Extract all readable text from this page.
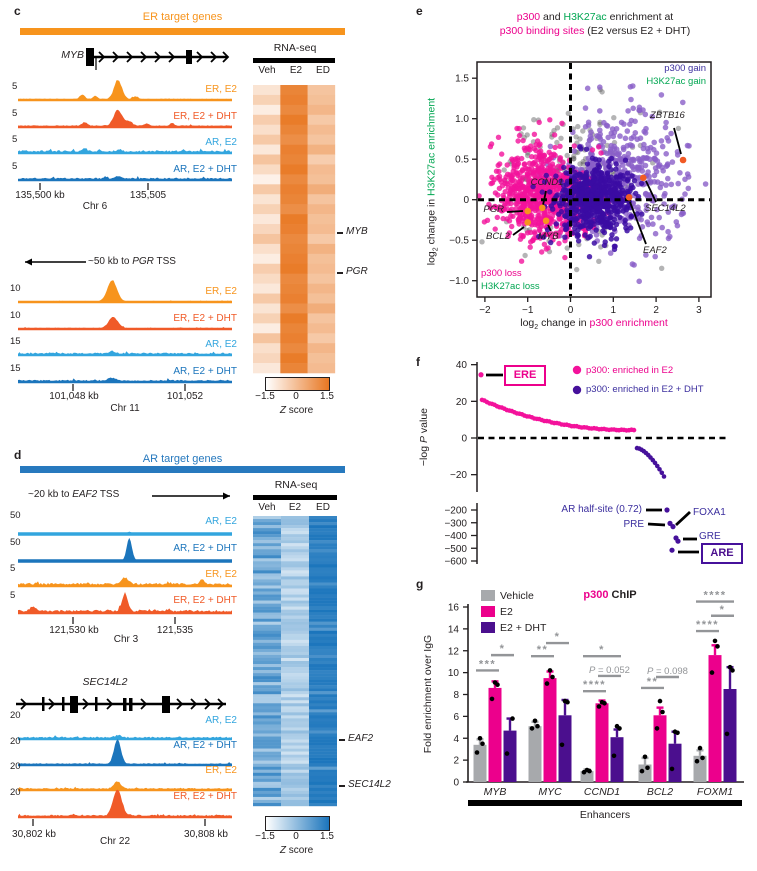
1.5
1.0
0.5
0
−0.5
−1.0
−2	−1	0	1	2	3
40
20
0
−20
−200
−300
−400
−500
−600
0
2
4
6
8
10
12
14
16
***
*	**
*
****
P = 0.052
*
**
P = 0.098
****
*
****
c	ER target genes
MYB
5
5
5
5
ER, E2
ER, E2 + DHT
AR, E2
AR, E2 + DHT
135,500 kb	135,505
Chr 6
~50 kb to PGR TSS
10
10
15
15
ER, E2
ER, E2 + DHT
AR, E2
AR, E2 + DHT
101,048 kb	101,052
Chr 11
RNA-seq
Veh	E2	ED
MYB
PGR
−1.5	0	1.5
Z score
d	AR target genes
~20 kb to EAF2 TSS
50
50
5
5
AR, E2
AR, E2 + DHT
ER, E2
ER, E2 + DHT
121,530 kb	121,535
Chr 3
SEC14L2
20
20
20
20
AR, E2
AR, E2 + DHT
ER, E2
ER, E2 + DHT
30,802 kb	30,808 kb
Chr 22
RNA-seq
Veh	E2	ED
EAF2
SEC14L2
−1.5	0	1.5
Z score
e	p300 and H3K27ac enrichment at
p300 binding sites (E2 versus E2 + DHT)
$\log_2$ change in H3K27ac enrichment
$\log_2$ change in p300 enrichment
p300 gain
H3K27ac gain
p300 loss
H3K27ac loss
ZBTB16
SEC14L2
EAF2
CCND1
PGR
BCL2	MYB
f
p300: enriched in E2
p300: enriched in E2 + DHT
−log P value
ERE
AR half-site (0.72)
PRE
FOXA1
GRE
ARE
g
p300 ChIP
Vehicle
E2
E2 + DHT
Fold enrichment over IgG
MYB	MYC	CCND1	BCL2	FOXM1
Enhancers
